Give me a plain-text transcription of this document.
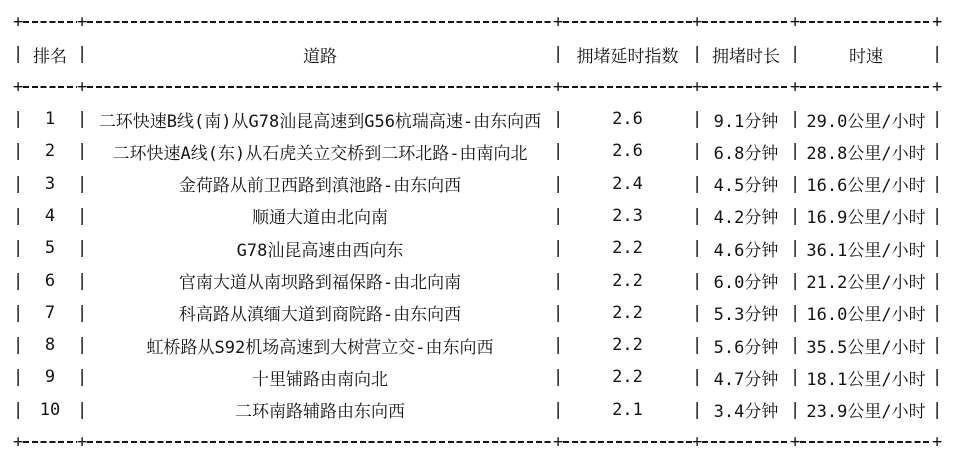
+	+	+	+	+	+
| 排名 |	道路	| 拥堵延时指数 | 拥堵时长 |	时速	|
+	+	+	+	+	+
|	1	| 二环快速B线(南)从G78汕昆高速到G56杭瑞高速-由东向西 |	2.6	| 9.1分钟 | 29.0公里/小时 |
|	2	|	二环快速A线(东)从石虎关立交桥到二环北路-由南向北	|	2.6	| 6.8分钟 | 28.8公里/小时 |
|	3	|	金荷路从前卫西路到滇池路-由东向西	|	2.4	| 4.5分钟 | 16.6公里/小时 |
|	4	|	顺通大道由北向南	|	2.3	| 4.2分钟 | 16.9公里/小时 |
|	5	|	G78汕昆高速由西向东	|	2.2	| 4.6分钟 | 36.1公里/小时 |
|	6	|	官南大道从南坝路到福保路-由北向南	|	2.2	| 6.0分钟 | 21.2公里/小时 |
|	7	|	科高路从滇缅大道到商院路-由东向西	|	2.2	| 5.3分钟 | 16.0公里/小时 |
|	8	|	虹桥路从S92机场高速到大树营立交-由东向西	|	2.2	| 5.6分钟 | 35.5公里/小时 |
|	9	|	十里铺路由南向北	|	2.2	| 4.7分钟 | 18.1公里/小时 |
| 10 |	二环南路辅路由东向西	|	2.1	| 3.4分钟 | 23.9公里/小时 |
+	+	+	+	+	+
